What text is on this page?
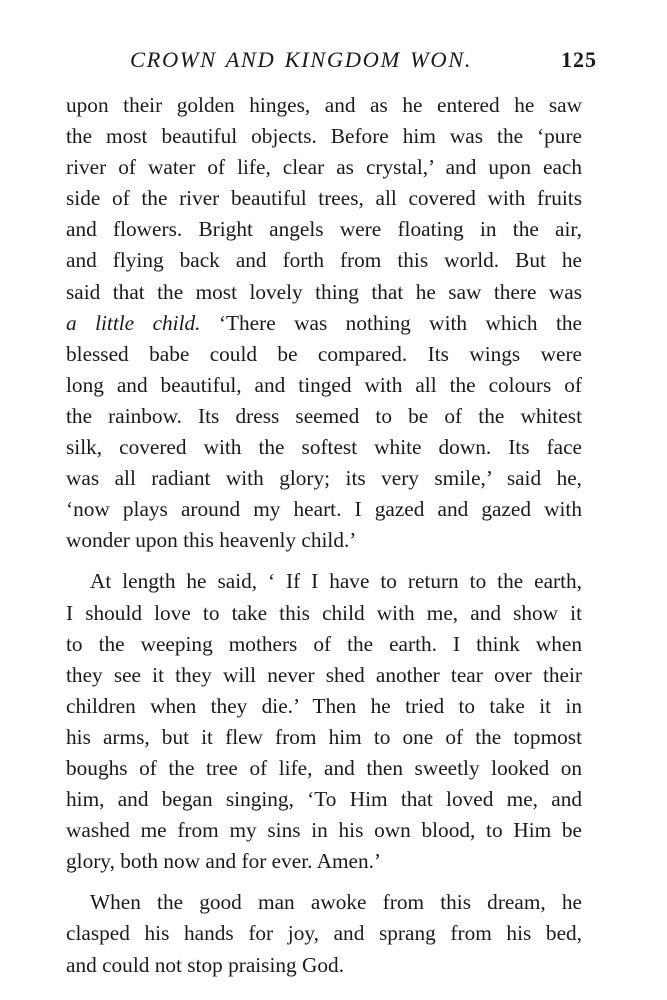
CROWN AND KINGDOM WON.	125
upon their golden hinges, and as he entered he saw
the most beautiful objects. Before him was the ‘pure
river of water of life, clear as crystal,’ and upon each
side of the river beautiful trees, all covered with fruits
and flowers. Bright angels were floating in the air,
and flying back and forth from this world. But he
said that the most lovely thing that he saw there was
a little child. ‘There was nothing with which the
blessed babe could be compared. Its wings were
long and beautiful, and tinged with all the colours of
the rainbow. Its dress seemed to be of the whitest
silk, covered with the softest white down. Its face
was all radiant with glory; its very smile,’ said he,
‘now plays around my heart. I gazed and gazed with
wonder upon this heavenly child.’
At length he said, ‘ If I have to return to the earth,
I should love to take this child with me, and show it
to the weeping mothers of the earth. I think when
they see it they will never shed another tear over their
children when they die.’ Then he tried to take it in
his arms, but it flew from him to one of the topmost
boughs of the tree of life, and then sweetly looked on
him, and began singing, ‘To Him that loved me, and
washed me from my sins in his own blood, to Him be
glory, both now and for ever. Amen.’
When the good man awoke from this dream, he
clasped his hands for joy, and sprang from his bed,
and could not stop praising God.
